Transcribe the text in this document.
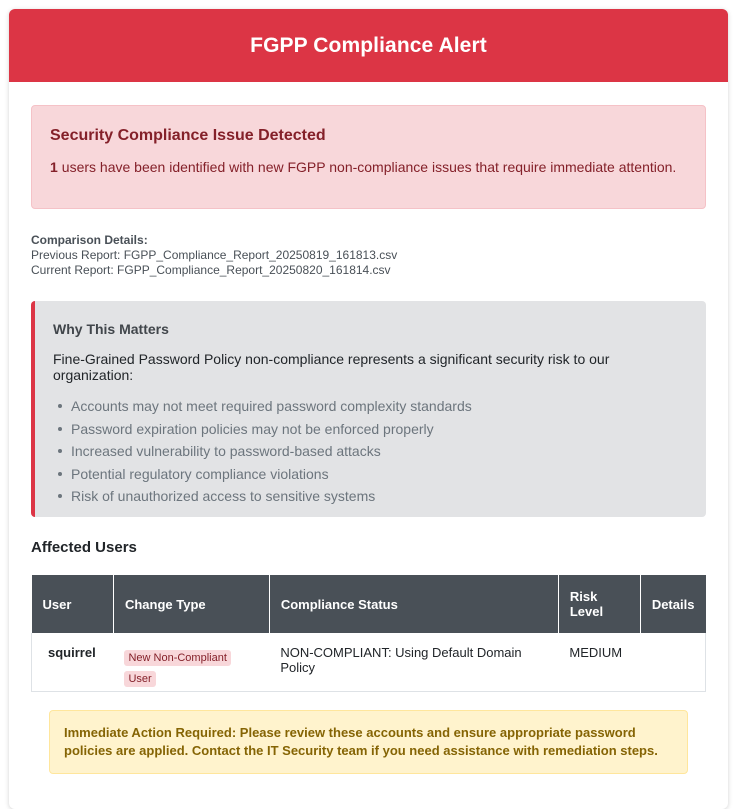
FGPP Compliance Alert
Security Compliance Issue Detected

1 users have been identified with new FGPP non-compliance issues that require immediate attention.

Comparison Details:
Previous Report: FGPP_Compliance_Report_20250819_161813.csv
Current Report: FGPP_Compliance_Report_20250820_161814.csv
Why This Matters

Fine-Grained Password Policy non-compliance represents a significant security risk to our organization:

Accounts may not meet required password complexity standards
Password expiration policies may not be enforced properly
Increased vulnerability to password-based attacks
Potential regulatory compliance violations
Risk of unauthorized access to sensitive systems
Affected Users
User	Change Type	Compliance Status	Risk Level	Details
squirrel	New Non-Compliant User	NON-COMPLIANT: Using Default Domain Policy	MEDIUM	
Immediate Action Required: Please review these accounts and ensure appropriate password policies are applied. Contact the IT Security team if you need assistance with remediation steps.
